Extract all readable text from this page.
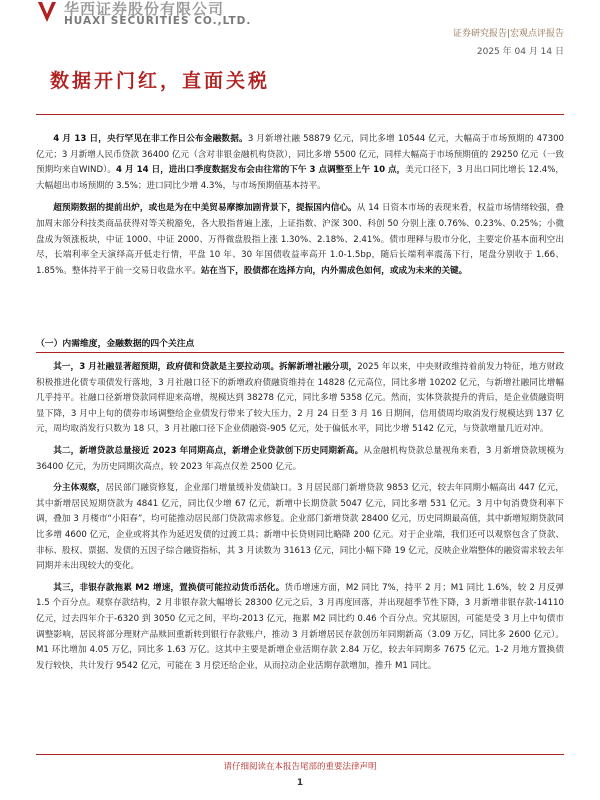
华西证券股份有限公司
HUAXI SECURITIES CO.,LTD.
证券研究报告|宏观点评报告
2025 年 04 月 14 日
数据开门红，直面关税

4 月 13 日，央行罕见在非工作日公布金融数据。3 月新增社融 58879 亿元，同比多增 10544 亿元，大幅高于市场预期的 47300 亿元；3 月新增人民币贷款 36400 亿元（含对非银金融机构贷款），同比多增 5500 亿元，同样大幅高于市场预期值的 29250 亿元（一致预期均来自WIND）。4 月 14 日，进出口季度数据发布会由往常的下午 3 点调整至上午 10 点，美元口径下，3 月出口同比增长 12.4%，大幅超出市场预期的 3.5%；进口同比少增 4.3%，与市场预期值基本持平。

超预期数据的提前出炉，或也是为在中美贸易摩擦加剧背景下，提振国内信心。从 14 日资本市场的表现来看，权益市场情绪较强，叠加周末部分科技类商品获得对等关税豁免，各大股指普遍上涨，上证指数、沪深 300、科创 50 分别上涨 0.76%、0.23%、0.25%；小微盘成为领涨板块，中证 1000、中证 2000、万得微盘股指上涨 1.30%、2.18%、2.41%。债市理释与股市分化，主要定价基本面利空出尽，长端利率全天演绎高开低走行情，平盘 10 年、30 年国债收益率高开 1.0-1.5bp，随后长端利率震荡下行，尾盘分别收于 1.66、1.85%。整体持平于前一交易日收盘水平。站在当下，股债都在选择方向，内外需成色如何，或成为未来的关键。

（一）内需维度，金融数据的四个关注点

其一，3 月社融显著超预期，政府债和贷款是主要拉动项。拆解新增社融分项，2025 年以来，中央财政维持着前发力特征，地方财政积极推进化债专项债发行落地，3 月社融口径下的新增政府债融资维持在 14828 亿元高位，同比多增 10202 亿元，与新增社融同比增幅几乎持平。社融口径新增贷款同样迎来高增，规模达到 38278 亿元，同比多增 5358 亿元。然而，实体贷款提升的背后，是企业债融资明显下降，3 月中上旬的债券市场调整给企业债发行带来了较大压力，2 月 24 日至 3 月 16 日期间，信用债周均取消发行规模达到 137 亿元，周均取消发行只数为 18 只，3 月社融口径下企业债融资-905 亿元，处于偏低水平，同比少增 5142 亿元，与贷款增量几近对冲。

其二，新增贷款总量接近 2023 年同期高点，新增企业贷款创下历史同期新高。从金融机构贷款总量视角来看，3 月新增贷款规模为 36400 亿元，为历史同期次高点，较 2023 年高点仅差 2500 亿元。

分主体观察，居民部门融资修复，企业部门增量缓补发债缺口。3 月居民部门新增贷款 9853 亿元，较去年同期小幅高出 447 亿元，其中新增居民短期贷款为 4841 亿元，同比仅少增 67 亿元，新增中长期贷款 5047 亿元，同比多增 531 亿元。3 月中旬消费贷利率下调，叠加 3 月楼市“小阳春”，均可能推动居民部门贷款需求修复。企业部门新增贷款 28400 亿元，历史同期最高值，其中新增短期贷款同比多增 4600 亿元，企业或将其作为延迟发债的过渡工具；新增中长贷则同比略降 200 亿元。对于企业端，我们还可以观察包含了贷款、非标、股权、票据、发债的五因子综合融资指标，其 3 月读数为 31613 亿元，同比小幅下降 19 亿元，反映企业端整体的融资需求较去年同期并未出现较大的变化。

其三，非银存款拖累 M2 增速，置换债可能拉动货币活化。货币增速方面，M2 同比 7%，持平 2 月；M1 同比 1.6%，较 2 月反弹 1.5 个百分点。观察存款结构，2 月非银存款大幅增长 28300 亿元之后，3 月再度回落，并出现超季节性下降，3 月新增非银存款-14110 亿元，过去四年介于-6320 到 3050 亿元之间，平均-2013 亿元，拖累 M2 同比约 0.46 个百分点。究其原因，可能是受 3 月上中旬债市调整影响，居民将部分理财产品赎回重新转到银行存款账户，推动 3 月新增居民存款创历年同期新高（3.09 万亿，同比多 2600 亿元）。M1 环比增加 4.05 万亿，同比多 1.63 万亿。这其中主要是新增企业活期存款 2.84 万亿，较去年同期多 7675 亿元。1-2 月地方置换债发行较快，共计发行 9542 亿元，可能在 3 月偿还给企业，从而拉动企业活期存款增加，推升 M1 同比。

请仔细阅读在本报告尾部的重要法律声明
1
